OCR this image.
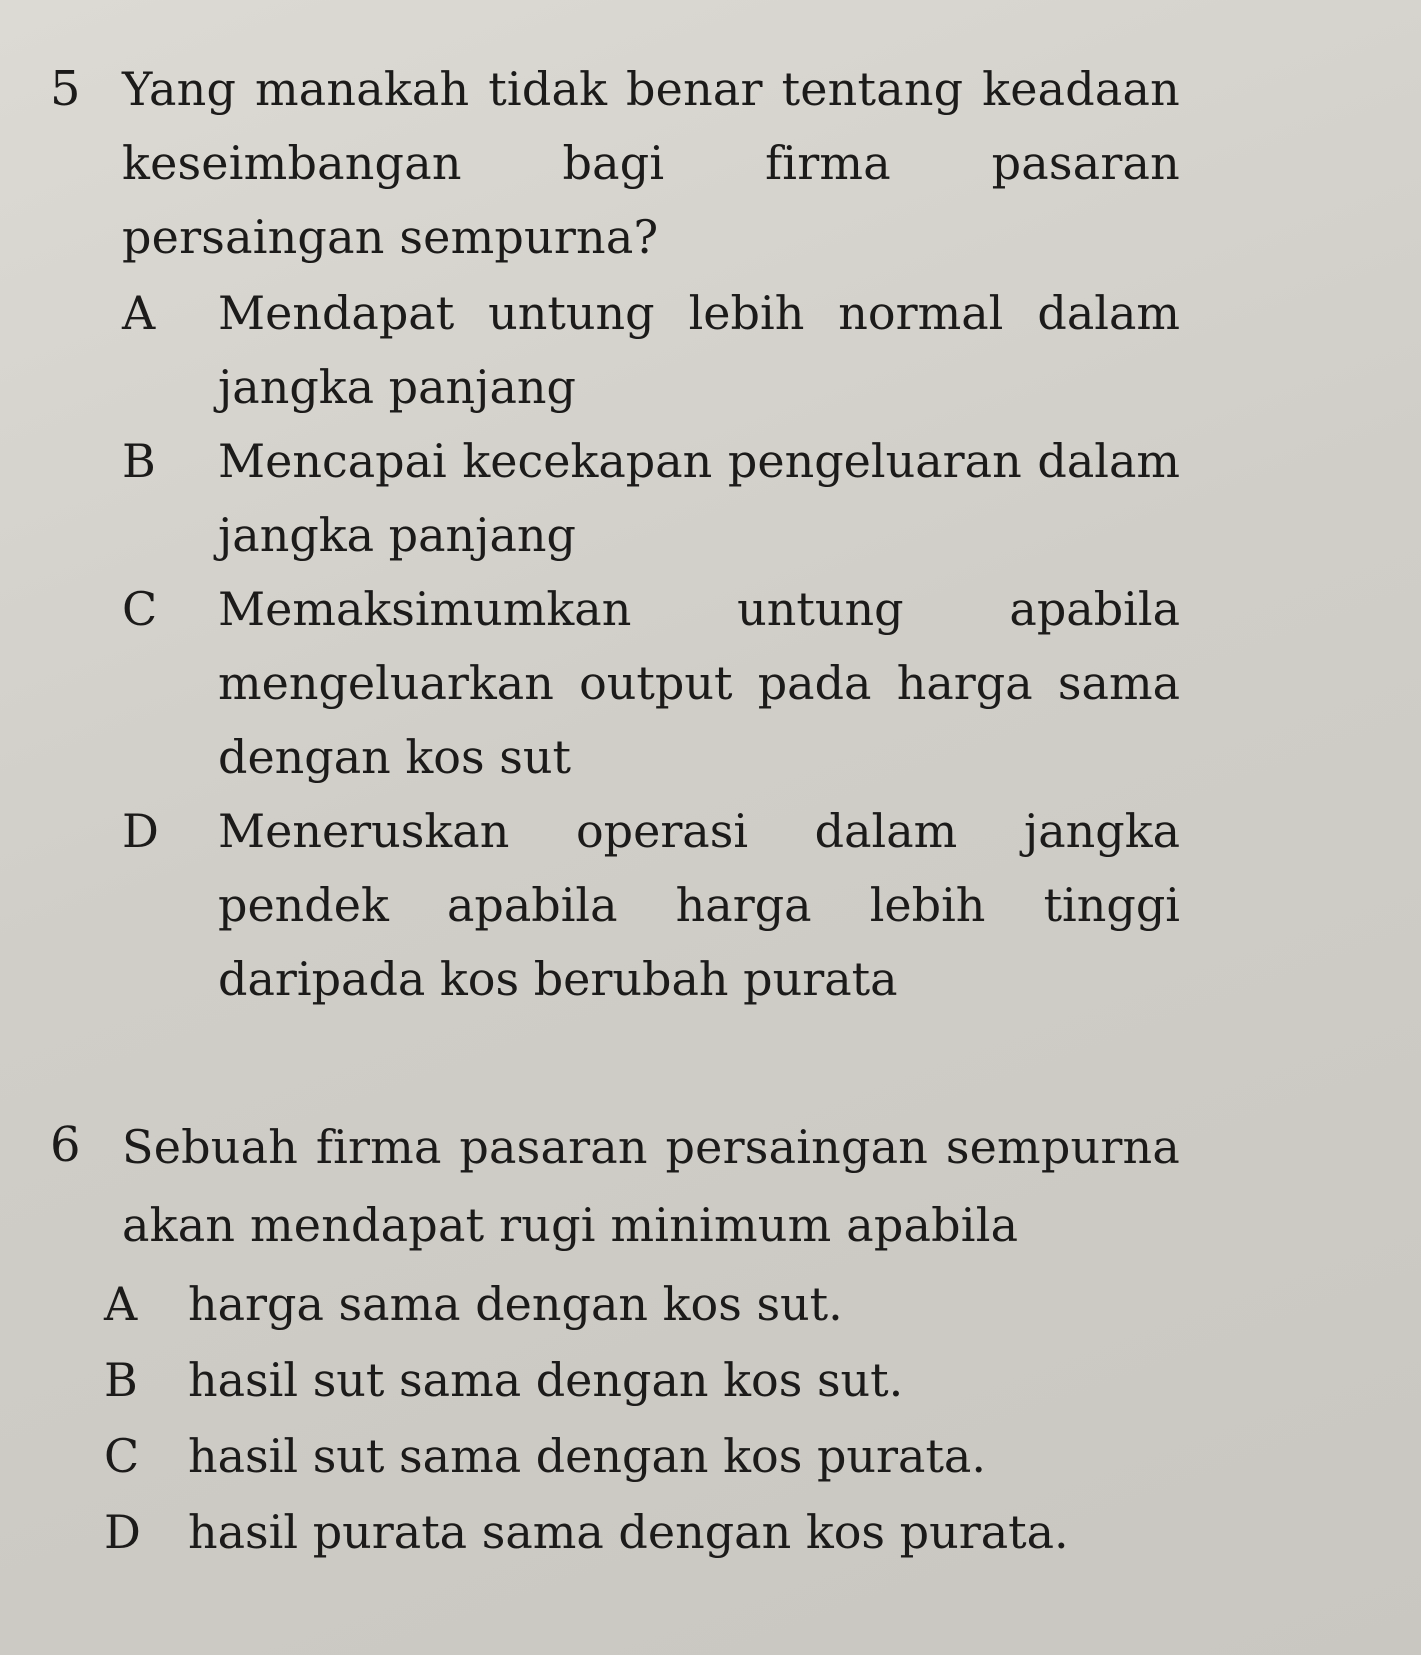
5 Yang manakah tidak benar tentang keadaan keseimbangan bagi firma pasaran persaingan sempurna?
A	Mendapat untung lebih normal dalam jangka panjang
B	Mencapai kecekapan pengeluaran dalam jangka panjang
C	Memaksimumkan untung apabila mengeluarkan output pada harga sama dengan kos sut
D	Meneruskan operasi dalam jangka pendek apabila harga lebih tinggi daripada kos berubah purata
6 Sebuah firma pasaran persaingan sempurna akan mendapat rugi minimum apabila
A	harga sama dengan kos sut.
B	hasil sut sama dengan kos sut.
C	hasil sut sama dengan kos purata.
D	hasil purata sama dengan kos purata.
